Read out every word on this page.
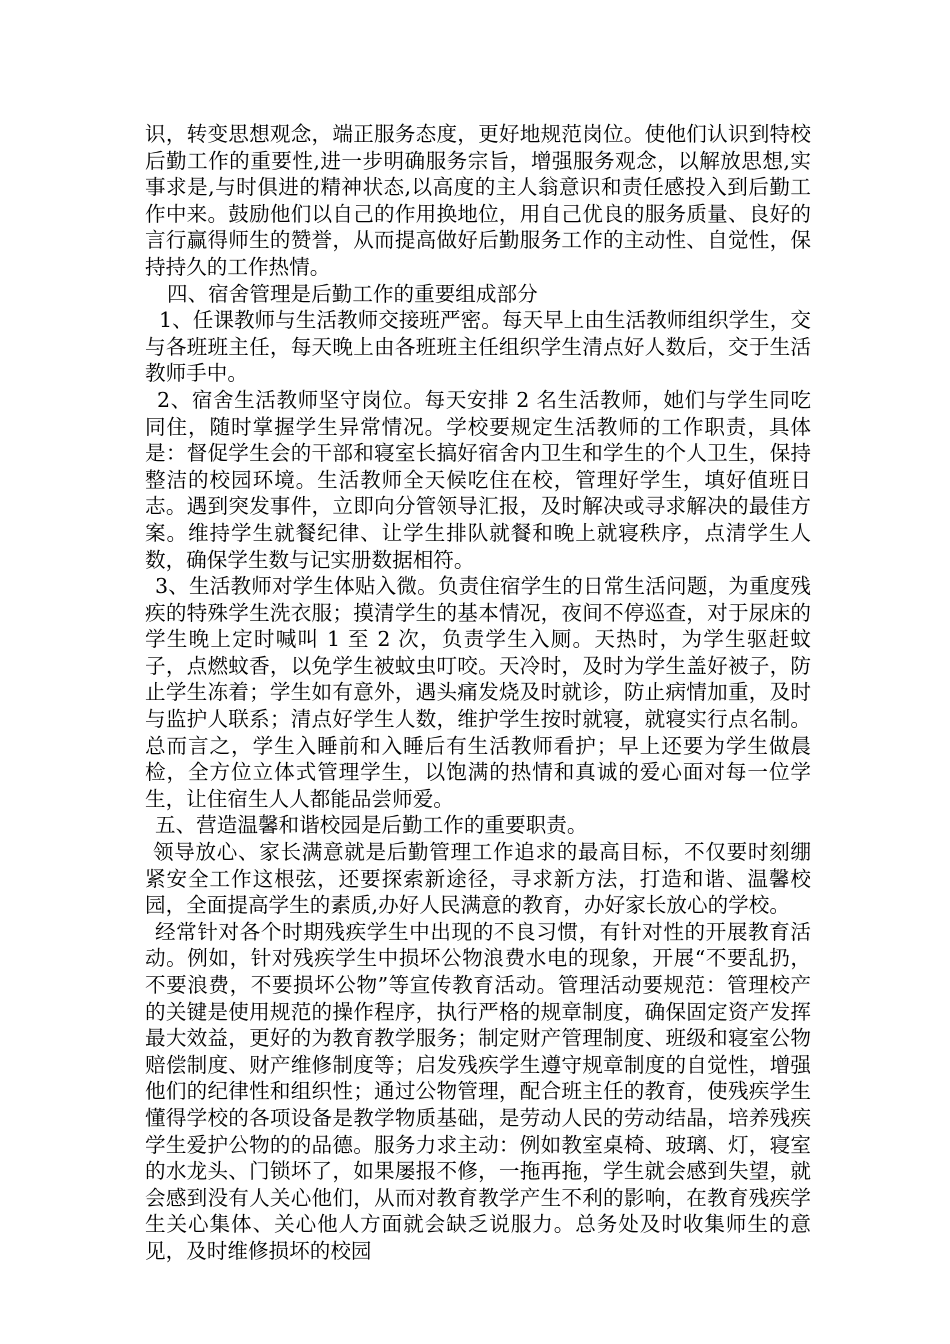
识，转变思想观念，端正服务态度，更好地规范岗位。使他们认识到特校后勤工作的重要性,进一步明确服务宗旨，增强服务观念，以解放思想,实事求是,与时俱进的精神状态,以高度的主人翁意识和责任感投入到后勤工作中来。鼓励他们以自己的作用换地位，用自己优良的服务质量、良好的言行赢得师生的赞誉，从而提高做好后勤服务工作的主动性、自觉性，保持持久的工作热情。

四、宿舍管理是后勤工作的重要组成部分

1、任课教师与生活教师交接班严密。每天早上由生活教师组织学生，交与各班班主任，每天晚上由各班班主任组织学生清点好人数后，交于生活教师手中。

2、宿舍生活教师坚守岗位。每天安排 2 名生活教师，她们与学生同吃同住，随时掌握学生异常情况。学校要规定生活教师的工作职责，具体是：督促学生会的干部和寝室长搞好宿舍内卫生和学生的个人卫生，保持整洁的校园环境。生活教师全天候吃住在校，管理好学生，填好值班日志。遇到突发事件，立即向分管领导汇报，及时解决或寻求解决的最佳方案。维持学生就餐纪律、让学生排队就餐和晚上就寝秩序，点清学生人数，确保学生数与记实册数据相符。

3、生活教师对学生体贴入微。负责住宿学生的日常生活问题，为重度残疾的特殊学生洗衣服；摸清学生的基本情况，夜间不停巡查，对于尿床的学生晚上定时喊叫 1 至 2 次，负责学生入厕。天热时，为学生驱赶蚊子，点燃蚊香，以免学生被蚊虫叮咬。天冷时，及时为学生盖好被子，防止学生冻着；学生如有意外，遇头痛发烧及时就诊，防止病情加重，及时与监护人联系；清点好学生人数，维护学生按时就寝，就寝实行点名制。总而言之，学生入睡前和入睡后有生活教师看护；早上还要为学生做晨检，全方位立体式管理学生，以饱满的热情和真诚的爱心面对每一位学生，让住宿生人人都能品尝师爱。

五、营造温馨和谐校园是后勤工作的重要职责。

领导放心、家长满意就是后勤管理工作追求的最高目标，不仅要时刻绷紧安全工作这根弦，还要探索新途径，寻求新方法，打造和谐、温馨校园，全面提高学生的素质,办好人民满意的教育，办好家长放心的学校。

经常针对各个时期残疾学生中出现的不良习惯，有针对性的开展教育活动。例如，针对残疾学生中损坏公物浪费水电的现象，开展“不要乱扔，不要浪费，不要损坏公物”等宣传教育活动。管理活动要规范：管理校产的关键是使用规范的操作程序，执行严格的规章制度，确保固定资产发挥最大效益，更好的为教育教学服务；制定财产管理制度、班级和寝室公物赔偿制度、财产维修制度等；启发残疾学生遵守规章制度的自觉性，增强他们的纪律性和组织性；通过公物管理，配合班主任的教育，使残疾学生懂得学校的各项设备是教学物质基础，是劳动人民的劳动结晶，培养残疾学生爱护公物的的品德。服务力求主动：例如教室桌椅、玻璃、灯，寝室的水龙头、门锁坏了，如果屡报不修，一拖再拖，学生就会感到失望，就会感到没有人关心他们，从而对教育教学产生不利的影响，在教育残疾学生关心集体、关心他人方面就会缺乏说服力。总务处及时收集师生的意见，及时维修损坏的校园
